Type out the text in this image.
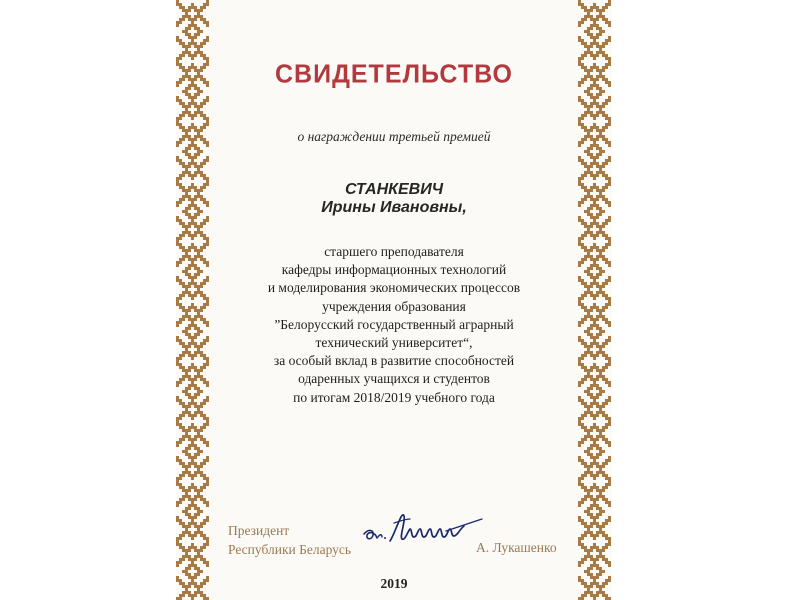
СВИДЕТЕЛЬСТВО
о награждении третьей премией
СТАНКЕВИЧ
Ирины Ивановны,
старшего преподавателя
кафедры информационных технологий
и моделирования экономических процессов
учреждения образования
”Белорусский государственный аграрный
технический университет“,
за особый вклад в развитие способностей
одаренных учащихся и студентов
по итогам 2018/2019 учебного года
Президент
Республики Беларусь	А. Лукашенко
2019
